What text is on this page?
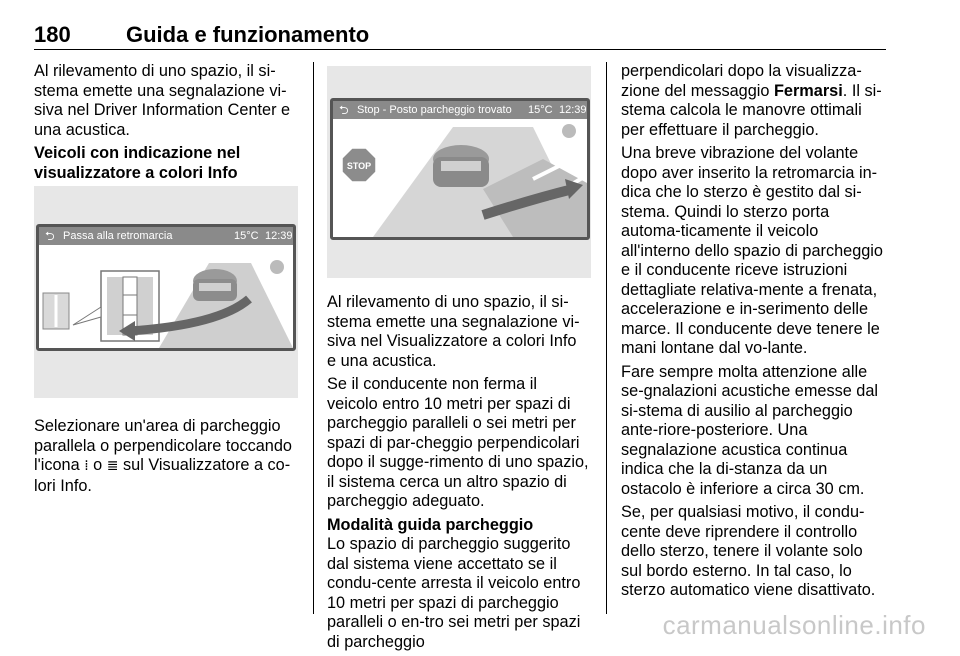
180	Guida e funzionamento

Al rilevamento di uno spazio, il si-stema emette una segnalazione vi-siva nel Driver Information Center e una acustica.

Veicoli con indicazione nel visualizzatore a colori Info

⮌ Passa alla retromarcia	15°C 12:39

Selezionare un'area di parcheggio parallela o perpendicolare toccando l'icona ⁞ o ≣ sul Visualizzatore a co-lori Info.

⮌ Stop - Posto parcheggio trovato 15°C 12:39
STOP

Al rilevamento di uno spazio, il si-stema emette una segnalazione vi-siva nel Visualizzatore a colori Info e una acustica.

Se il conducente non ferma il veicolo entro 10 metri per spazi di parcheggio paralleli o sei metri per spazi di par-cheggio perpendicolari dopo il sugge-rimento di uno spazio, il sistema cerca un altro spazio di parcheggio adeguato.

Modalità guida parcheggio

Lo spazio di parcheggio suggerito dal sistema viene accettato se il condu-cente arresta il veicolo entro 10 metri per spazi di parcheggio paralleli o en-tro sei metri per spazi di parcheggio

perpendicolari dopo la visualizza-zione del messaggio Fermarsi. Il si-stema calcola le manovre ottimali per effettuare il parcheggio.

Una breve vibrazione del volante dopo aver inserito la retromarcia in-dica che lo sterzo è gestito dal si-stema. Quindi lo sterzo porta automa-ticamente il veicolo all'interno dello spazio di parcheggio e il conducente riceve istruzioni dettagliate relativa-mente a frenata, accelerazione e in-serimento delle marce. Il conducente deve tenere le mani lontane dal vo-lante.

Fare sempre molta attenzione alle se-gnalazioni acustiche emesse dal si-stema di ausilio al parcheggio ante-riore-posteriore. Una segnalazione acustica continua indica che la di-stanza da un ostacolo è inferiore a circa 30 cm.

Se, per qualsiasi motivo, il condu-cente deve riprendere il controllo dello sterzo, tenere il volante solo sul bordo esterno. In tal caso, lo sterzo automatico viene disattivato.

carmanualsonline.info
